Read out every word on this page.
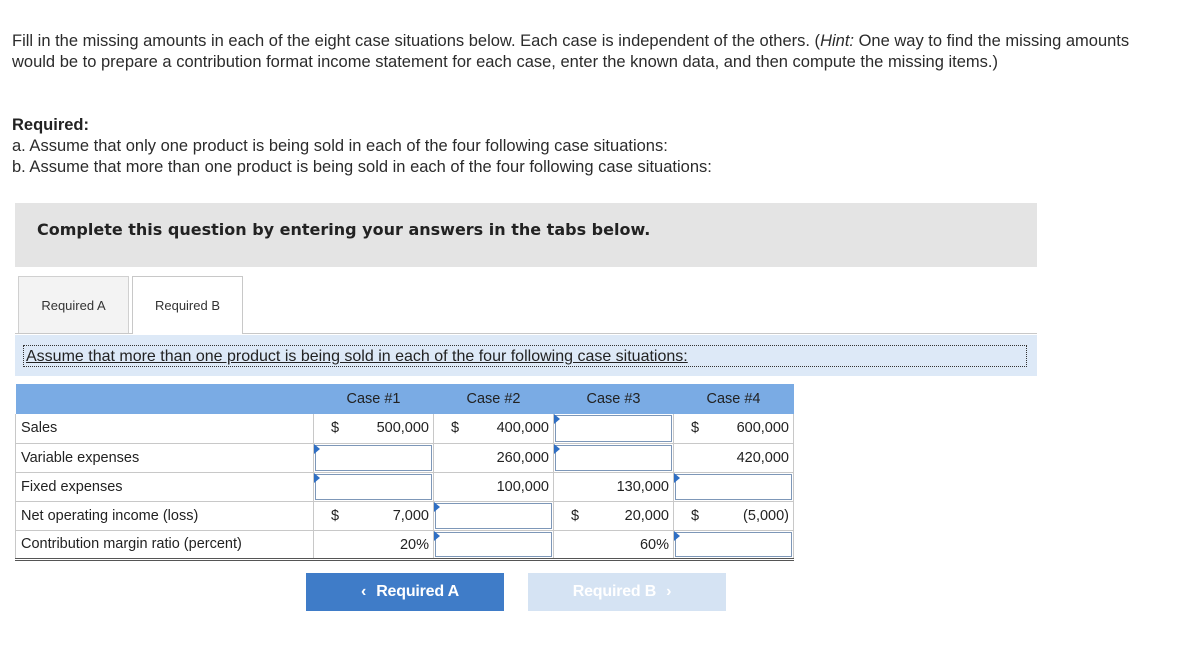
Fill in the missing amounts in each of the eight case situations below. Each case is independent of the others. (Hint: One way to find the missing amounts would be to prepare a contribution format income statement for each case, enter the known data, and then compute the missing items.)

Required:
a. Assume that only one product is being sold in each of the four following case situations:
b. Assume that more than one product is being sold in each of the four following case situations:
Complete this question by entering your answers in the tabs below.
Required A	Required B
Assume that more than one product is being sold in each of the four following case situations:
	Case #1	Case #2	Case #3	Case #4
Sales	$ 500,000	$ 400,000		$ 600,000

Variable expenses		260,000		420,000

Fixed expenses		100,000	130,000	

Net operating income (loss)	$ 7,000		$ 20,000	$ (5,000)

Contribution margin ratio (percent)	20%		60%	

‹ Required A	Required B ›
